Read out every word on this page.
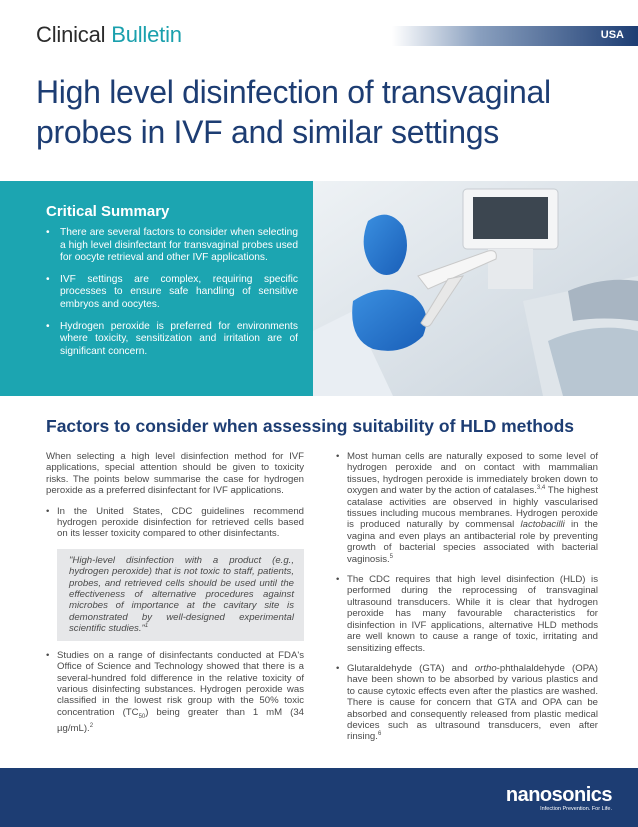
Clinical Bulletin	USA
High level disinfection of transvaginal probes in IVF and similar settings
Critical Summary
• There are several factors to consider when selecting a high level disinfectant for transvaginal probes used for oocyte retrieval and other IVF applications.
• IVF settings are complex, requiring specific processes to ensure safe handling of sensitive embryos and oocytes.
• Hydrogen peroxide is preferred for environments where toxicity, sensitization and irritation are of significant concern.
Factors to consider when assessing suitability of HLD methods

When selecting a high level disinfection method for IVF applications, special attention should be given to toxicity risks. The points below summarise the case for hydrogen peroxide as a preferred disinfectant for IVF applications.

• In the United States, CDC guidelines recommend hydrogen peroxide disinfection for retrieved cells based on its lesser toxicity compared to other disinfectants.
"High-level disinfection with a product (e.g., hydrogen peroxide) that is not toxic to staff, patients, probes, and retrieved cells should be used until the effectiveness of alternative procedures against microbes of importance at the cavitary site is demonstrated by well-designed experimental scientific studies."$^1$
• Studies on a range of disinfectants conducted at FDA's Office of Science and Technology showed that there is a several-hundred fold difference in the relative toxicity of various disinfecting substances. Hydrogen peroxide was classified in the lowest risk group with the 50% toxic concentration $(TC_{50})$ being greater than 1 mM (34 µg/mL).$^2$
• Most human cells are naturally exposed to some level of hydrogen peroxide and on contact with mammalian tissues, hydrogen peroxide is immediately broken down to oxygen and water by the action of catalases.$^{3,4}$ The highest catalase activities are observed in highly vascularised tissues including mucous membranes. Hydrogen peroxide is produced naturally by commensal lactobacilli in the vagina and even plays an antibacterial role by preventing growth of bacterial species associated with bacterial vaginosis.$^5$
• The CDC requires that high level disinfection (HLD) is performed during the reprocessing of transvaginal ultrasound transducers. While it is clear that hydrogen peroxide has many favourable characteristics for disinfection in IVF applications, alternative HLD methods are well known to cause a range of toxic, irritating and sensitizing effects.
• Glutaraldehyde (GTA) and ortho-phthalaldehyde (OPA) have been shown to be absorbed by various plastics and to cause cytoxic effects even after the plastics are washed. There is cause for concern that GTA and OPA can be absorbed and consequently released from plastic medical devices such as ultrasound transducers, even after rinsing.$^6$
nanosonics
Infection Prevention. For Life.
